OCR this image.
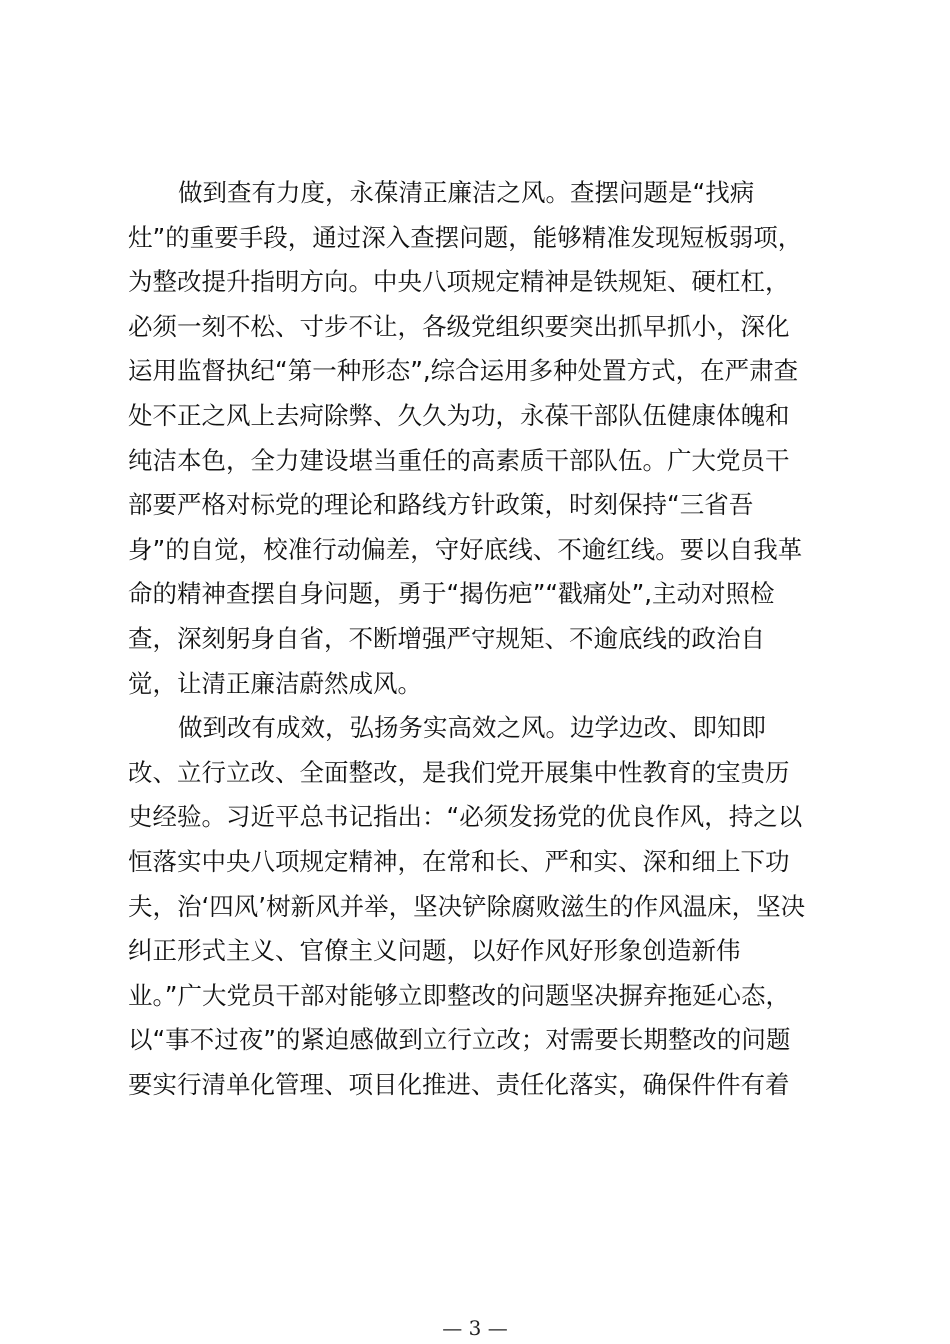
做到查有力度，永葆清正廉洁之风。查摆问题是“找病
灶”的重要手段，通过深入查摆问题，能够精准发现短板弱项，
为整改提升指明方向。中央八项规定精神是铁规矩、硬杠杠，
必须一刻不松、寸步不让，各级党组织要突出抓早抓小，深化
运用监督执纪“第一种形态”,综合运用多种处置方式，在严肃查
处不正之风上去疴除弊、久久为功，永葆干部队伍健康体魄和
纯洁本色，全力建设堪当重任的高素质干部队伍。广大党员干
部要严格对标党的理论和路线方针政策，时刻保持“三省吾
身”的自觉，校准行动偏差，守好底线、不逾红线。要以自我革
命的精神查摆自身问题，勇于“揭伤疤”“戳痛处”,主动对照检
查，深刻躬身自省，不断增强严守规矩、不逾底线的政治自
觉，让清正廉洁蔚然成风。
做到改有成效，弘扬务实高效之风。边学边改、即知即
改、立行立改、全面整改，是我们党开展集中性教育的宝贵历
史经验。习近平总书记指出：“必须发扬党的优良作风，持之以
恒落实中央八项规定精神，在常和长、严和实、深和细上下功
夫，治‘四风’树新风并举，坚决铲除腐败滋生的作风温床，坚决
纠正形式主义、官僚主义问题，以好作风好形象创造新伟
业。”广大党员干部对能够立即整改的问题坚决摒弃拖延心态，
以“事不过夜”的紧迫感做到立行立改；对需要长期整改的问题
要实行清单化管理、项目化推进、责任化落实，确保件件有着
— 3 —
